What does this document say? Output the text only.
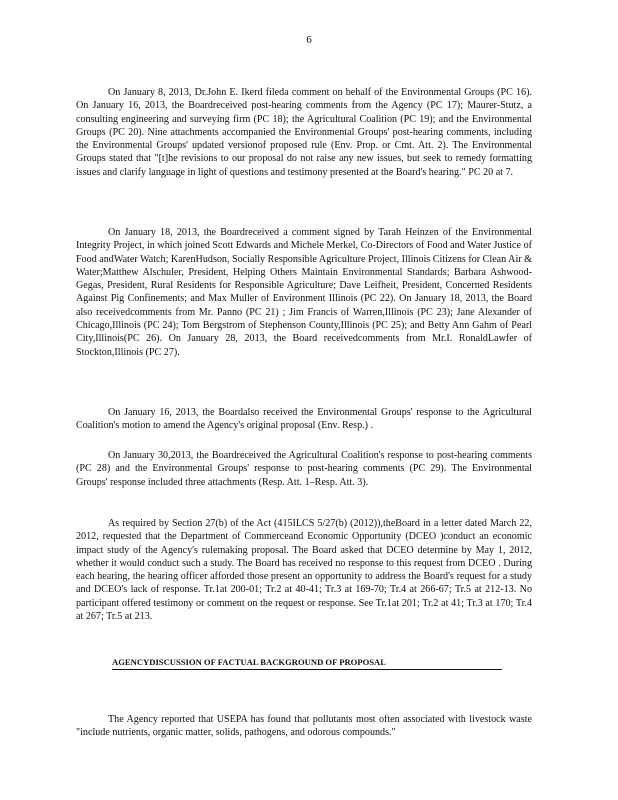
6

On January 8, 2013, Dr.John E. Ikerd fileda comment on behalf of the Environmental Groups (PC 16). On January 16, 2013, the Boardreceived post-hearing comments from the Agency (PC 17); Maurer-Stutz, a consulting engineering and surveying firm (PC 18); the Agricultural Coalition (PC 19); and the Environmental Groups (PC 20). Nine attachments accompanied the Environmental Groups' post-hearing comments, including the Environmental Groups' updated versionof proposed rule (Env. Prop. or Cmt. Att. 2). The Environmental Groups stated that "[t]he revisions to our proposal do not raise any new issues, but seek to remedy formatting issues and clarify language in light of questions and testimony presented at the Board's hearing." PC 20 at 7.

On January 18, 2013, the Boardreceived a comment signed by Tarah Heinzen of the Environmental Integrity Project, in which joined Scott Edwards and Michele Merkel, Co-Directors of Food and Water Justice of Food andWater Watch; KarenHudson, Socially Responsible Agriculture Project, Illinois Citizens for Clean Air & Water;Matthew Alschuler, President, Helping Others Maintain Environmental Standards; Barbara Ashwood-Gegas, President, Rural Residents for Responsible Agriculture; Dave Leifheit, President, Concerned Residents Against Pig Confinements; and Max Muller of Environment Illinois (PC 22). On January 18, 2013, the Board also receivedcomments from Mr. Panno (PC 21) ; Jim Francis of Warren,Illinois (PC 23); Jane Alexander of Chicago,Illinois (PC 24); Tom Bergstrom of Stephenson County,Illinois (PC 25); and Betty Ann Gahm of Pearl City,Illinois(PC 26). On January 28, 2013, the Board receivedcomments from Mr.I. RonaldLawfer of Stockton,Illinois (PC 27).

On January 16, 2013, the Boardalso received the Environmental Groups' response to the Agricultural Coalition's motion to amend the Agency's original proposal (Env. Resp.) .

On January 30,2013, the Boardreceived the Agricultural Coalition's response to post-hearing comments (PC 28) and the Environmental Groups' response to post-hearing comments (PC 29). The Environmental Groups' response included three attachments (Resp. Att. 1–Resp. Att. 3).

As required by Section 27(b) of the Act (415ILCS 5/27(b) (2012)),theBoard in a letter dated March 22, 2012, requested that the Department of Commerceand Economic Opportunity (DCEO )conduct an economic impact study of the Agency's rulemaking proposal. The Board asked that DCEO determine by May 1, 2012, whether it would conduct such a study. The Board has received no response to this request from DCEO . During each hearing, the hearing officer afforded those present an opportunity to address the Board's request for a study and DCEO's lack of response. Tr.1at 200-01; Tr.2 at 40-41; Tr.3 at 169-70; Tr.4 at 266-67; Tr.5 at 212-13. No participant offered testimony or comment on the request or response. See Tr.1at 201; Tr.2 at 41; Tr.3 at 170; Tr.4 at 267; Tr.5 at 213.

AGENCYDISCUSSION OF FACTUAL BACKGROUND OF PROPOSAL

The Agency reported that USEPA has found that pollutants most often associated with livestock waste "include nutrients, organic matter, solids, pathogens, and odorous compounds."
